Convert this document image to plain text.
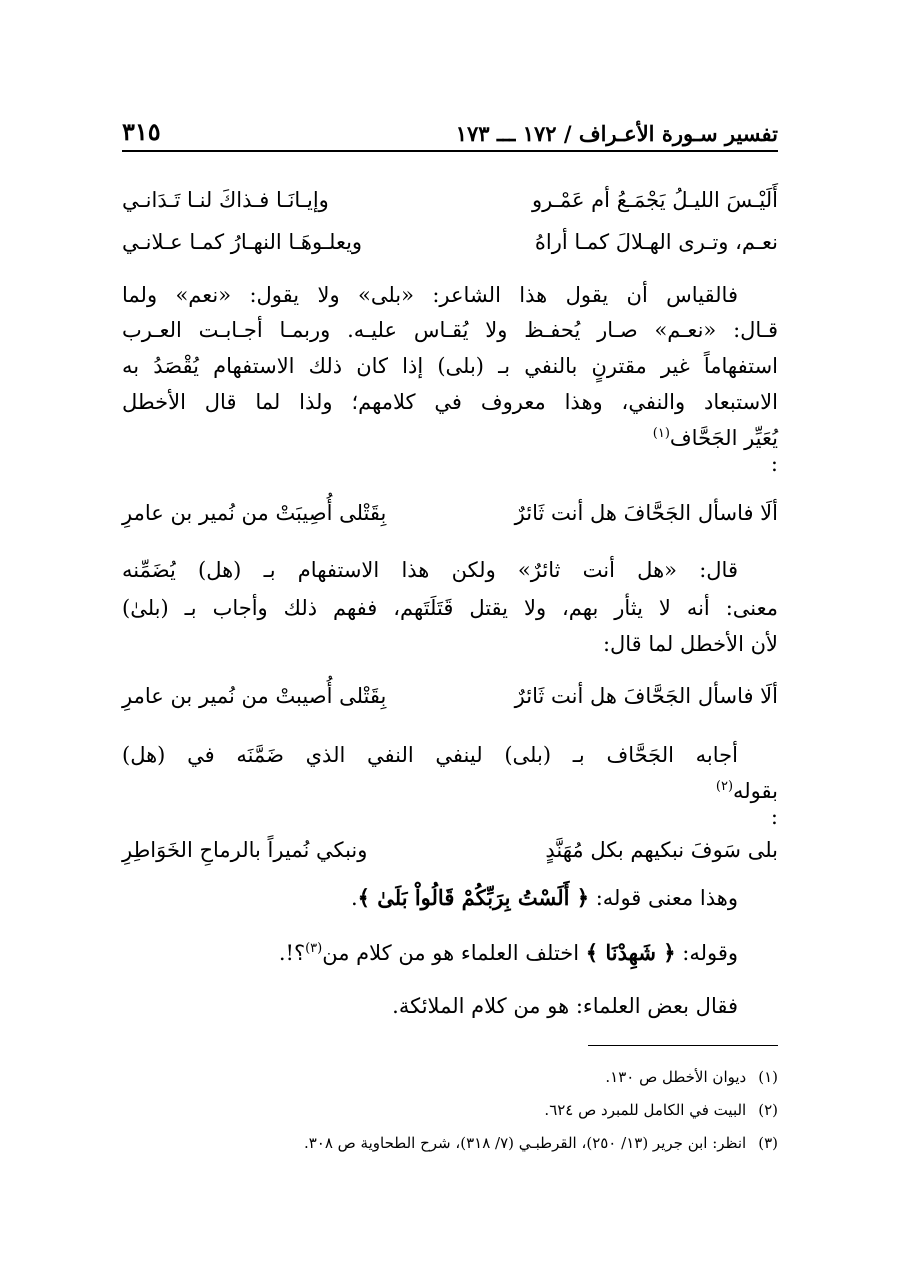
تفسير سـورة الأعـراف / ١٧٢ ـــ ١٧٣
٣١٥
أَلَيْـسَ الليـلُ يَجْمَـعُ أم عَمْـرو
وإيـانَـا فـذاكَ لنـا تَـدَانـي
نعـم، وتـرى الهـلالَ كمـا أراهُ
ويعلـوهَـا النهـارُ كمـا عـلانـي
فالقياس أن يقول هذا الشاعر: «بلى» ولا يقول: «نعم» ولما
قـال: «نعـم» صـار يُحفـظ ولا يُقـاس عليـه. وربمـا أجـابـت العـرب
استفهاماً غير مقترنٍ بالنفي بـ (بلى) إذا كان ذلك الاستفهام يُقْصَدُ به
الاستبعاد والنفي، وهذا معروف في كلامهم؛ ولذا لما قال الأخطل
يُعَيِّر الجَحَّاف$^{(١)}$
:
ألَا فاسأل الجَحَّافَ هل أنت ثَائرٌ
بِقَتْلى أُصِيبَتْ من نُمير بن عامرِ
قال: «هل أنت ثائرٌ» ولكن هذا الاستفهام بـ (هل) يُضَمِّنه
معنى: أنه لا يثأر بهم، ولا يقتل قَتَلَتَهم، ففهم ذلك وأجاب بـ (بلىٰ)
لأن الأخطل لما قال:
ألَا فاسأل الجَحَّافَ هل أنت ثَائرٌ
بِقَتْلى أُصيبتْ من نُمير بن عامرِ
أجابه الجَحَّاف بـ (بلى) لينفي النفي الذي ضَمَّنَه في (هل)
بقوله$^{(٢)}$
:
بلى سَوفَ نبكيهم بكل مُهَنَّدٍ
ونبكي نُميراً بالرماحِ الخَوَاطِرِ
وهذا معنى قوله: ﴿ أَلَسْتُ بِرَبِّكُمْ قَالُواْ بَلَىٰ ﴾.
وقوله: ﴿ شَهِدْنَا ﴾ اختلف العلماء هو من كلام من$^{(٣)}$؟!.
فقال بعض العلماء: هو من كلام الملائكة.
(١)ديوان الأخطل ص ١٣٠.
(٢)البيت في الكامل للمبرد ص ٦٢٤.
(٣)انظر: ابن جرير (١٣/ ٢٥٠)، القرطبـي (٧/ ٣١٨)، شرح الطحاوية ص ٣٠٨.
